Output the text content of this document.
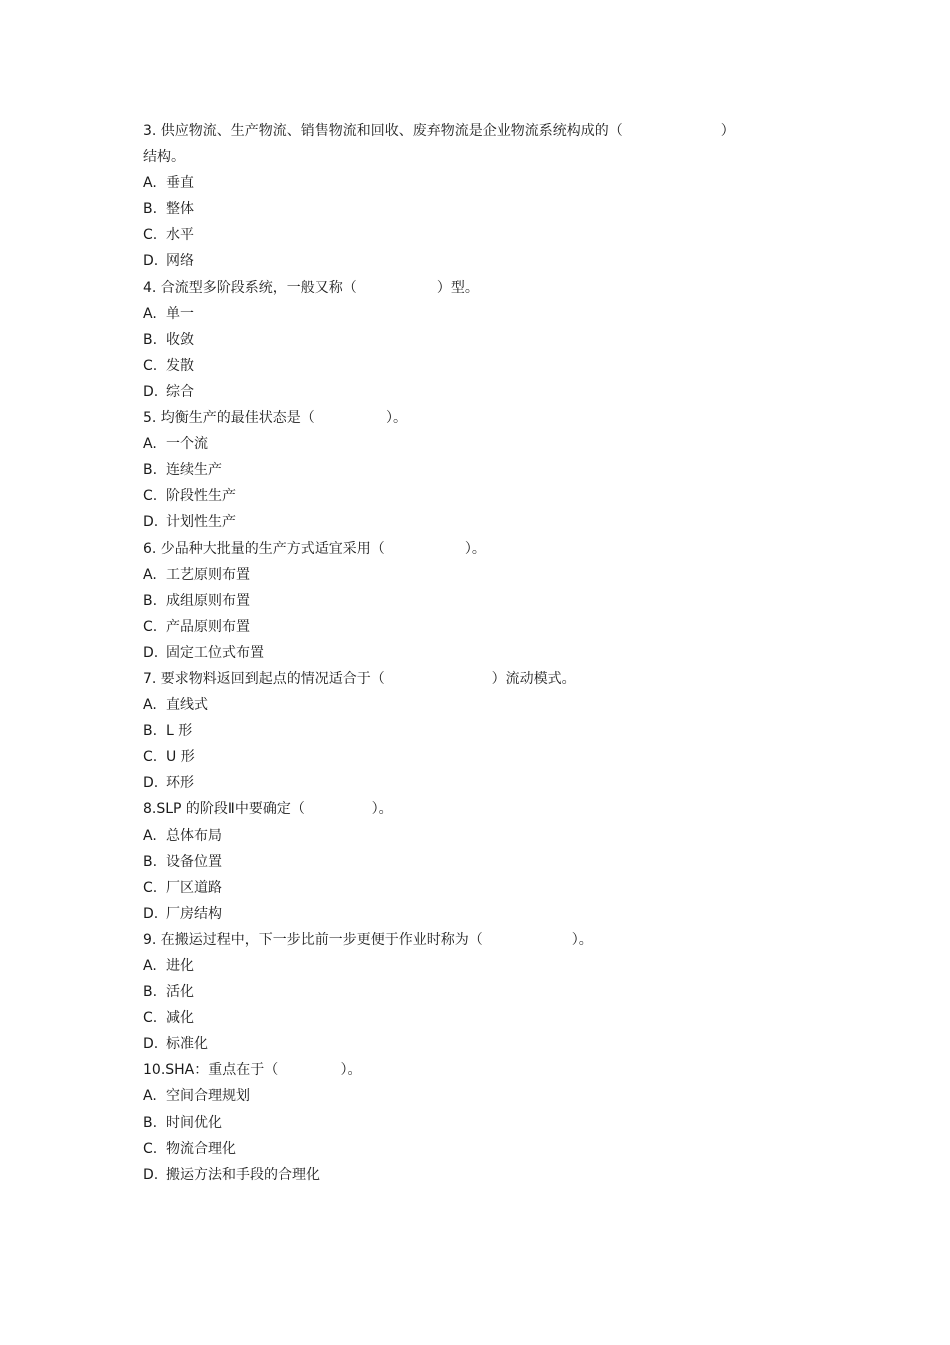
3. 供应物流、生产物流、销售物流和回收、废弃物流是企业物流系统构成的（                      ）
结构。
A. 垂直
B. 整体
C. 水平
D. 网络
4. 合流型多阶段系统，一般又称（                  ）型。
A. 单一
B. 收敛
C. 发散
D. 综合
5. 均衡生产的最佳状态是（                ）。
A. 一个流
B. 连续生产
C. 阶段性生产
D. 计划性生产
6. 少品种大批量的生产方式适宜采用（                  ）。
A. 工艺原则布置
B. 成组原则布置
C. 产品原则布置
D. 固定工位式布置
7. 要求物料返回到起点的情况适合于（                        ）流动模式。
A. 直线式
B. L 形
C. U 形
D. 环形
8.SLP 的阶段Ⅱ中要确定（               ）。
A. 总体布局
B. 设备位置
C. 厂区道路
D. 厂房结构
9. 在搬运过程中，下一步比前一步更便于作业时称为（                    ）。
A. 进化
B. 活化
C. 减化
D. 标准化
10.SHA：重点在于（              ）。
A. 空间合理规划
B. 时间优化
C. 物流合理化
D. 搬运方法和手段的合理化
